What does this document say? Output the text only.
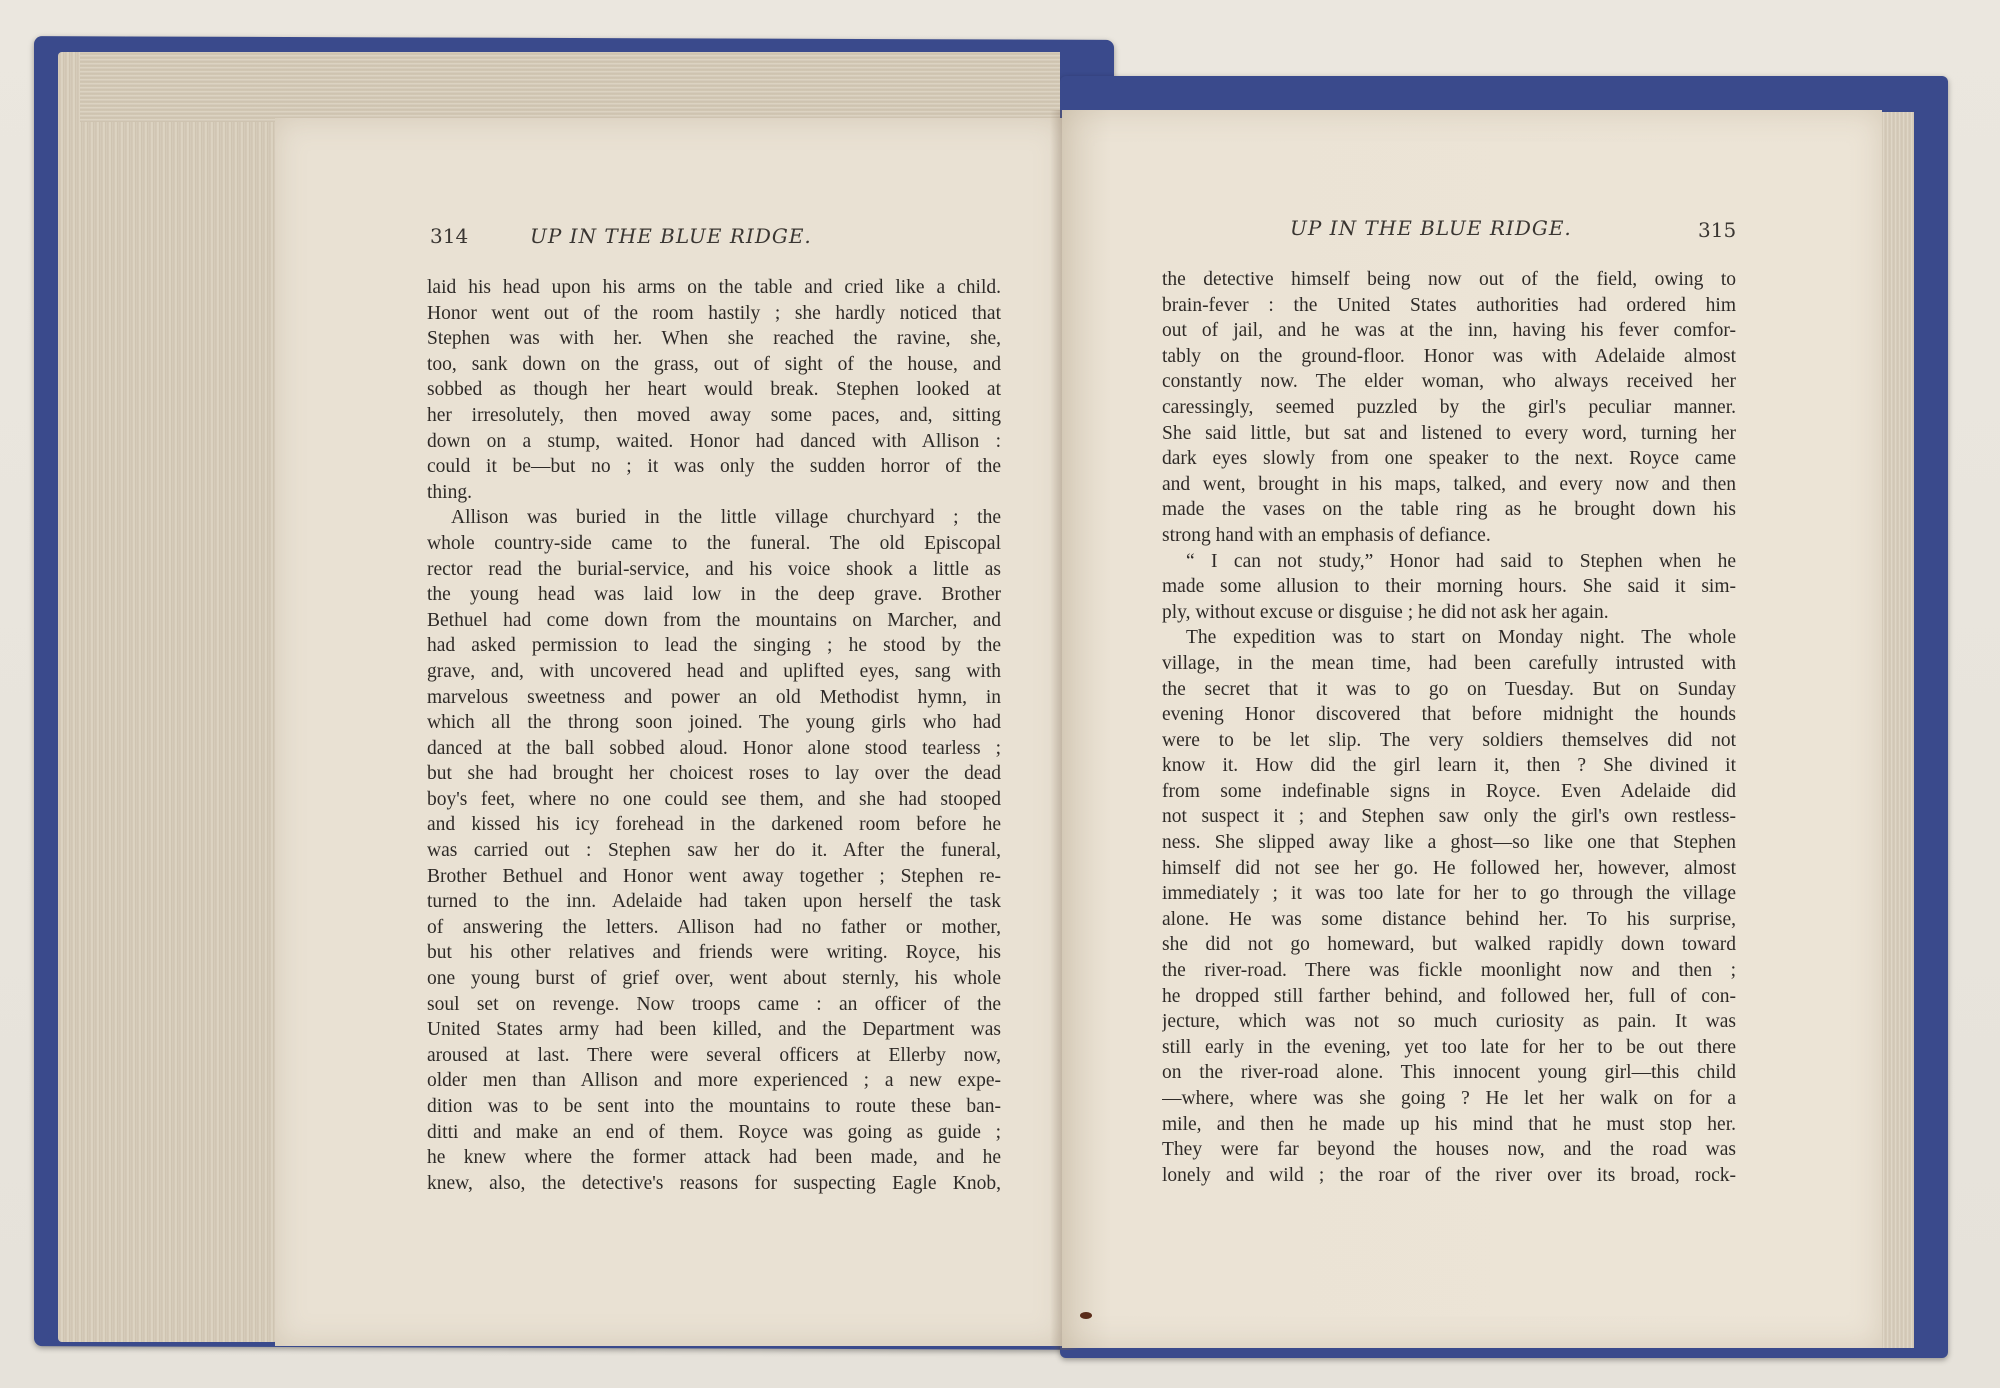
314	UP IN THE BLUE RIDGE.
laid his head upon his arms on the table and cried like a child.
Honor went out of the room hastily ; she hardly noticed that
Stephen was with her. When she reached the ravine, she,
too, sank down on the grass, out of sight of the house, and
sobbed as though her heart would break. Stephen looked at
her irresolutely, then moved away some paces, and, sitting
down on a stump, waited. Honor had danced with Allison :
could it be—but no ; it was only the sudden horror of the
thing.
Allison was buried in the little village churchyard ; the
whole country-side came to the funeral. The old Episcopal
rector read the burial-service, and his voice shook a little as
the young head was laid low in the deep grave. Brother
Bethuel had come down from the mountains on Marcher, and
had asked permission to lead the singing ; he stood by the
grave, and, with uncovered head and uplifted eyes, sang with
marvelous sweetness and power an old Methodist hymn, in
which all the throng soon joined. The young girls who had
danced at the ball sobbed aloud. Honor alone stood tearless ;
but she had brought her choicest roses to lay over the dead
boy's feet, where no one could see them, and she had stooped
and kissed his icy forehead in the darkened room before he
was carried out : Stephen saw her do it. After the funeral,
Brother Bethuel and Honor went away together ; Stephen re-
turned to the inn. Adelaide had taken upon herself the task
of answering the letters. Allison had no father or mother,
but his other relatives and friends were writing. Royce, his
one young burst of grief over, went about sternly, his whole
soul set on revenge. Now troops came : an officer of the
United States army had been killed, and the Department was
aroused at last. There were several officers at Ellerby now,
older men than Allison and more experienced ; a new expe-
dition was to be sent into the mountains to route these ban-
ditti and make an end of them. Royce was going as guide ;
he knew where the former attack had been made, and he
knew, also, the detective's reasons for suspecting Eagle Knob,
UP IN THE BLUE RIDGE.	315
the detective himself being now out of the field, owing to
brain-fever : the United States authorities had ordered him
out of jail, and he was at the inn, having his fever comfor-
tably on the ground-floor. Honor was with Adelaide almost
constantly now. The elder woman, who always received her
caressingly, seemed puzzled by the girl's peculiar manner.
She said little, but sat and listened to every word, turning her
dark eyes slowly from one speaker to the next. Royce came
and went, brought in his maps, talked, and every now and then
made the vases on the table ring as he brought down his
strong hand with an emphasis of defiance.
“ I can not study,” Honor had said to Stephen when he
made some allusion to their morning hours. She said it sim-
ply, without excuse or disguise ; he did not ask her again.
The expedition was to start on Monday night. The whole
village, in the mean time, had been carefully intrusted with
the secret that it was to go on Tuesday. But on Sunday
evening Honor discovered that before midnight the hounds
were to be let slip. The very soldiers themselves did not
know it. How did the girl learn it, then ? She divined it
from some indefinable signs in Royce. Even Adelaide did
not suspect it ; and Stephen saw only the girl's own restless-
ness. She slipped away like a ghost—so like one that Stephen
himself did not see her go. He followed her, however, almost
immediately ; it was too late for her to go through the village
alone. He was some distance behind her. To his surprise,
she did not go homeward, but walked rapidly down toward
the river-road. There was fickle moonlight now and then ;
he dropped still farther behind, and followed her, full of con-
jecture, which was not so much curiosity as pain. It was
still early in the evening, yet too late for her to be out there
on the river-road alone. This innocent young girl—this child
—where, where was she going ? He let her walk on for a
mile, and then he made up his mind that he must stop her.
They were far beyond the houses now, and the road was
lonely and wild ; the roar of the river over its broad, rock-
